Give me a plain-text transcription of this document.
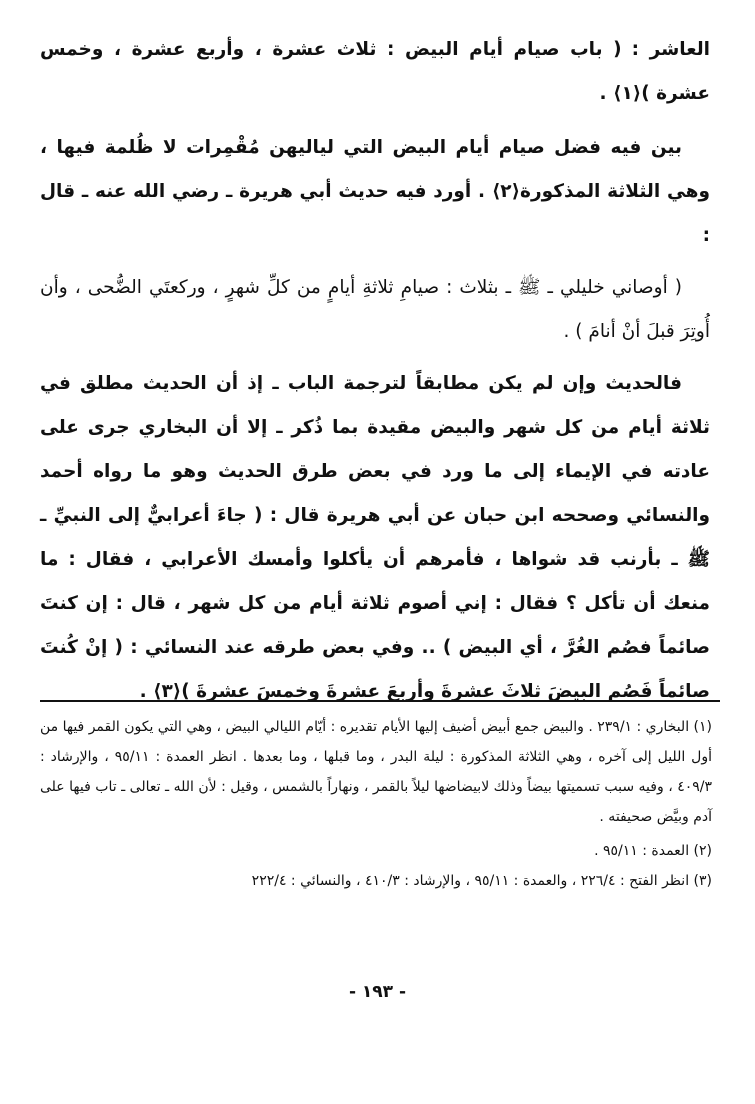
العاشر : ( باب صيام أيام البيض : ثلاث عشرة ، وأربع عشرة ، وخمس عشرة )⟨١⟩ .

بين فيه فضل صيام أيام البيض التي لياليهن مُقْمِرات لا ظُلمة فيها ، وهي الثلاثة المذكورة⟨٢⟩ . أورد فيه حديث أبي هريرة ـ رضي الله عنه ـ قال :

( أوصاني خليلي ـ ﷺ ـ بثلاث : صيامِ ثلاثةِ أيامٍ من كلِّ شهرٍ ، وركعتَي الضُّحى ، وأن أُوتِرَ قبلَ أنْ أنامَ ) .

فالحديث وإن لم يكن مطابقاً لترجمة الباب ـ إذ أن الحديث مطلق في ثلاثة أيام من كل شهر والبيض مقيدة بما ذُكر ـ إلا أن البخاري جرى على عادته في الإيماء إلى ما ورد في بعض طرق الحديث وهو ما رواه أحمد والنسائي وصححه ابن حبان عن أبي هريرة قال : ( جاءَ أعرابيٌّ إلى النبيِّ ـ ﷺ ـ بأرنب قد شواها ، فأمرهم أن يأكلوا وأمسك الأعرابي ، فقال : ما منعك أن تأكل ؟ فقال : إني أصوم ثلاثة أيام من كل شهر ، قال : إن كنتَ صائماً فصُم الغُرَّ ، أي البيض ) .. وفي بعض طرقه عند النسائي : ( إنْ كُنتَ صائماً فَصُم البيضَ ثلاثَ عشرةَ وأربعَ عشرةَ وخمسَ عشرةَ )⟨٣⟩ .

(١) البخاري : ٢٣٩/١ . والبيض جمع أبيض أضيف إليها الأيام تقديره : أيّام الليالي البيض ، وهي التي يكون القمر فيها من أول الليل إلى آخره ، وهي الثلاثة المذكورة : ليلة البدر ، وما قبلها ، وما بعدها . انظر العمدة : ٩٥/١١ ، والإرشاد : ٤٠٩/٣ ، وفيه سبب تسميتها بيضاً وذلك لابيضاضها ليلاً بالقمر ، ونهاراً بالشمس ، وقيل : لأن الله ـ تعالى ـ تاب فيها على آدم وبيَّض صحيفته .

(٢) العمدة : ٩٥/١١ .

(٣) انظر الفتح : ٢٢٦/٤ ، والعمدة : ٩٥/١١ ، والإرشاد : ٤١٠/٣ ، والنسائي : ٢٢٢/٤

- ١٩٣ -
